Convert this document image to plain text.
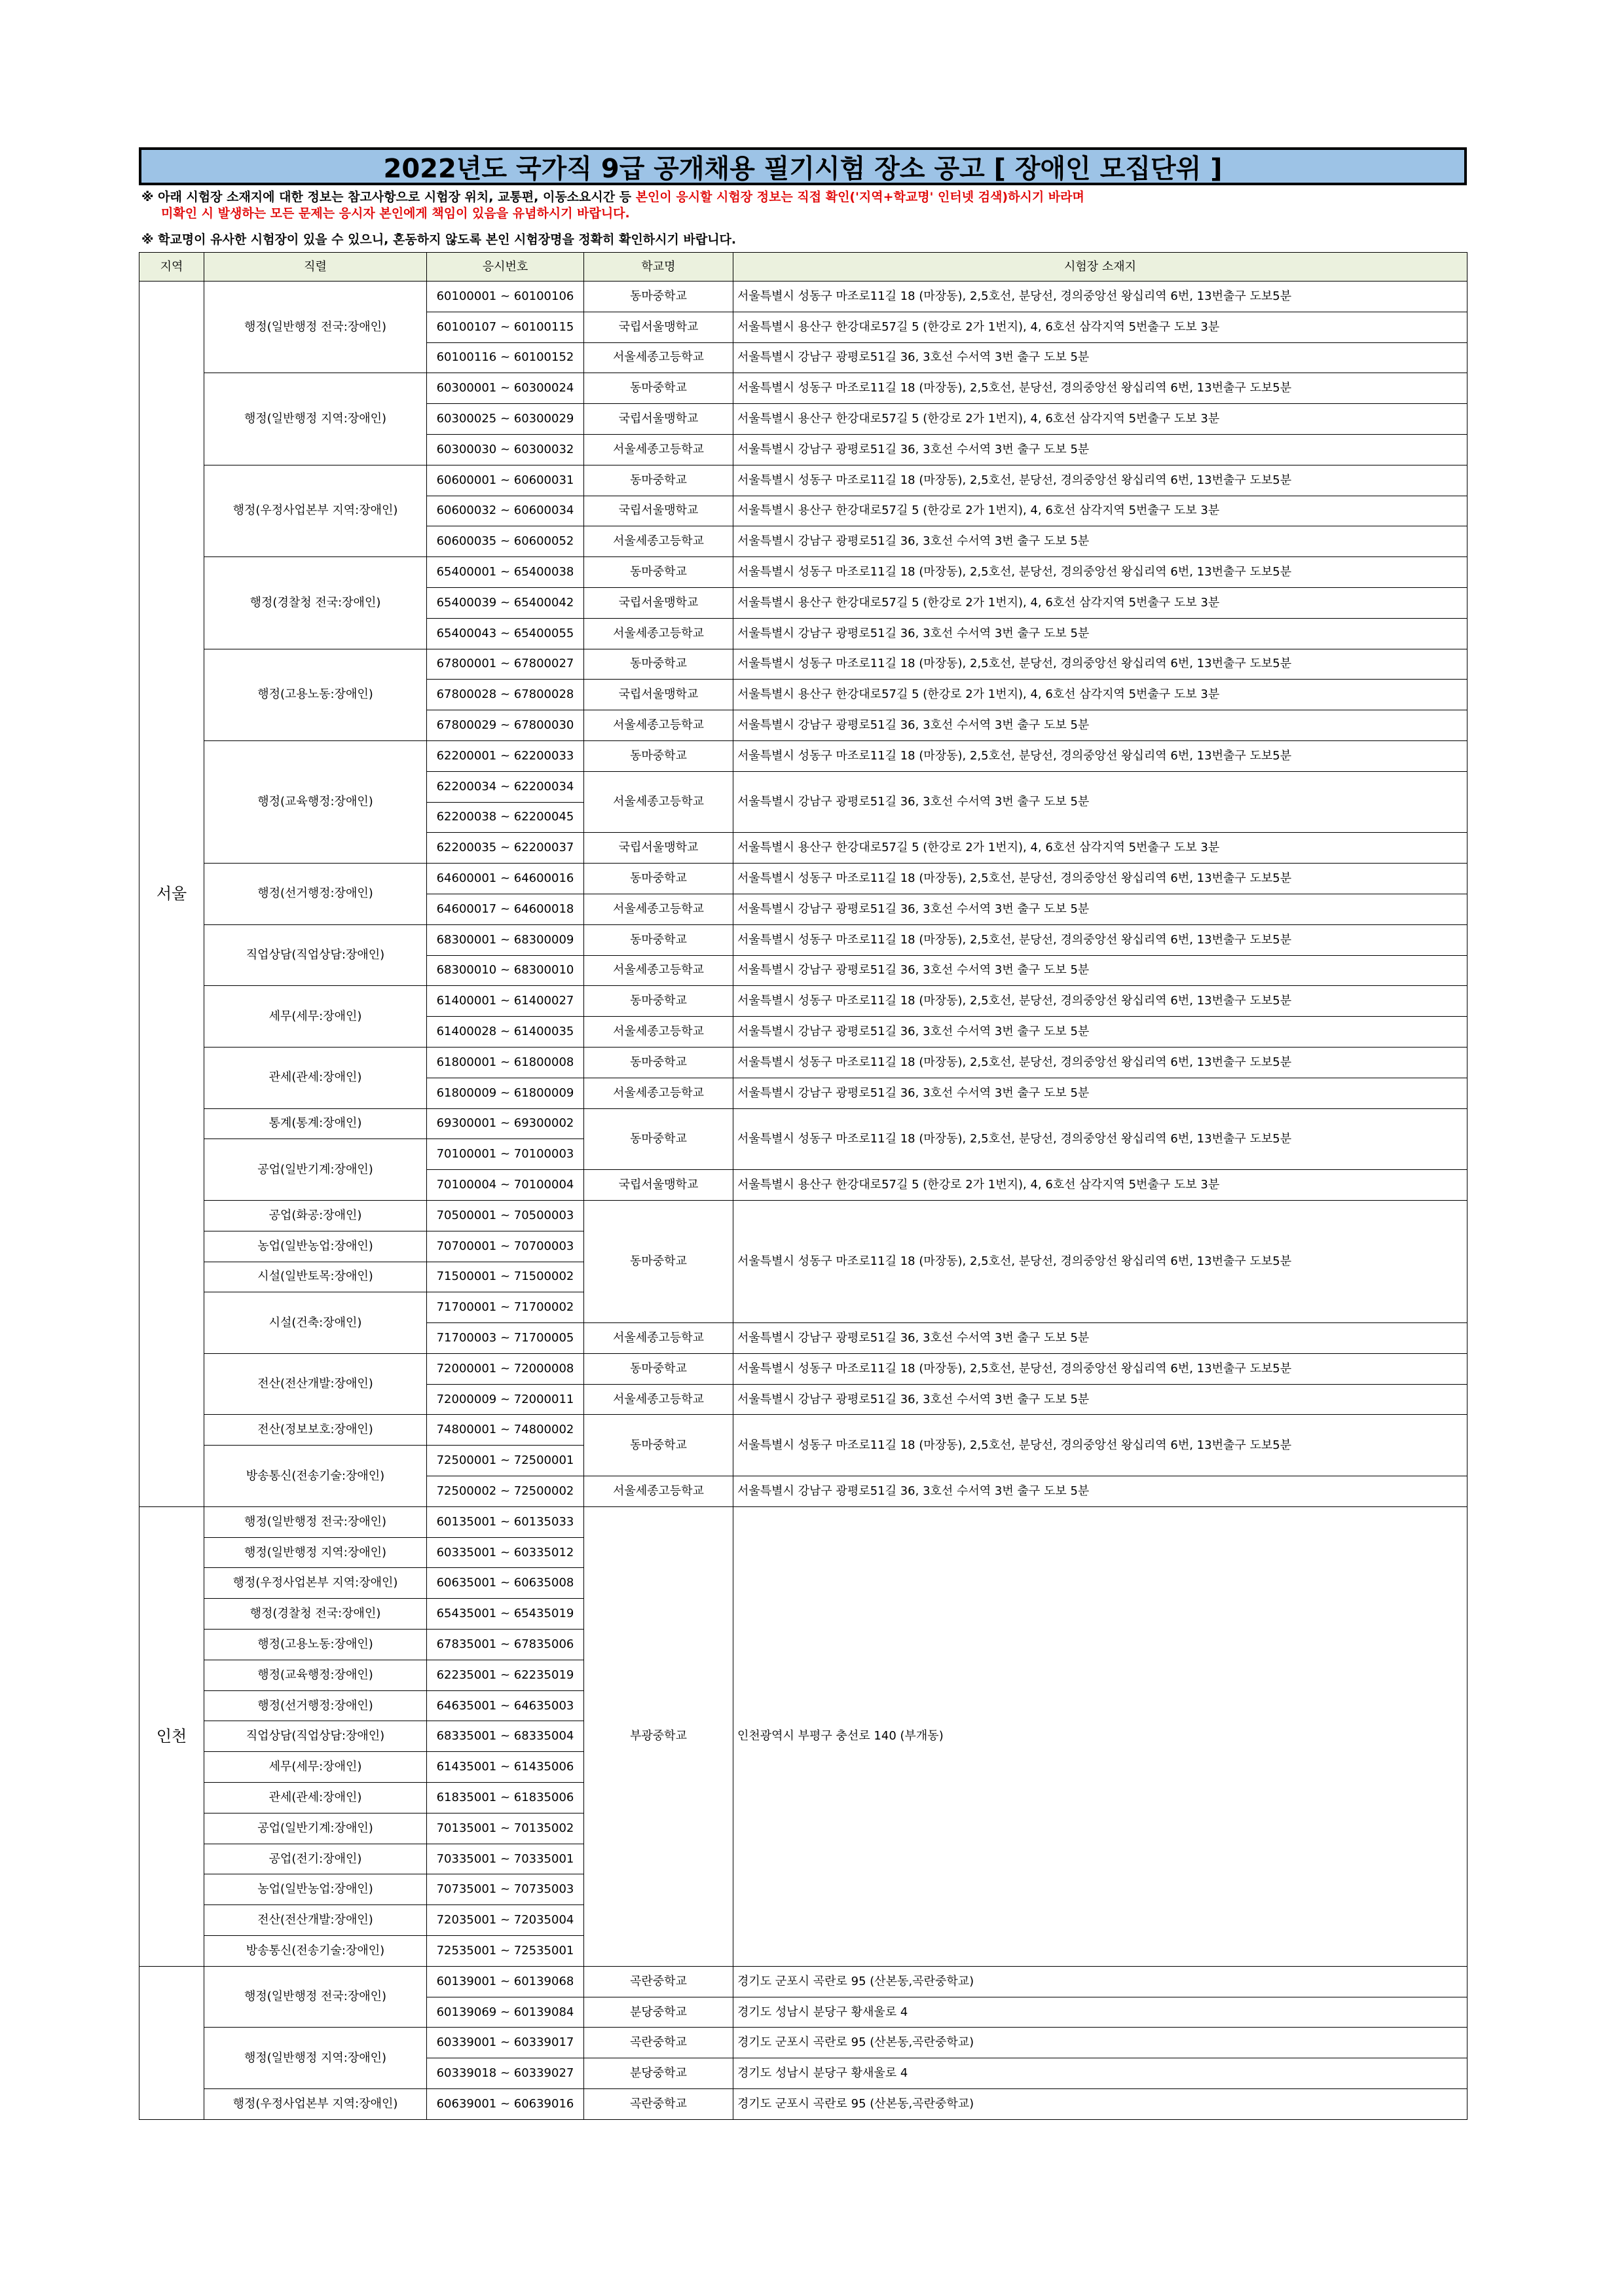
2022년도 국가직 9급 공개채용 필기시험 장소 공고 [ 장애인 모집단위 ]
※ 아래 시험장 소재지에 대한 정보는 참고사항으로 시험장 위치, 교통편, 이동소요시간 등 본인이 응시할 시험장 정보는 직접 확인('지역+학교명' 인터넷 검색)하시기 바라며
미확인 시 발생하는 모든 문제는 응시자 본인에게 책임이 있음을 유념하시기 바랍니다.
※ 학교명이 유사한 시험장이 있을 수 있으니, 혼동하지 않도록 본인 시험장명을 정확히 확인하시기 바랍니다.
지역	직렬	응시번호	학교명	시험장 소재지
서울	행정(일반행정 전국:장애인)	60100001 ~ 60100106	동마중학교	서울특별시 성동구 마조로11길 18 (마장동), 2,5호선, 분당선, 경의중앙선 왕십리역 6번, 13번출구 도보5분
		60100107 ~ 60100115	국립서울맹학교	서울특별시 용산구 한강대로57길 5 (한강로 2가 1번지), 4, 6호선 삼각지역 5번출구 도보 3분
		60100116 ~ 60100152	서울세종고등학교	서울특별시 강남구 광평로51길 36, 3호선 수서역 3번 출구 도보 5분
	행정(일반행정 지역:장애인)	60300001 ~ 60300024	동마중학교	서울특별시 성동구 마조로11길 18 (마장동), 2,5호선, 분당선, 경의중앙선 왕십리역 6번, 13번출구 도보5분
		60300025 ~ 60300029	국립서울맹학교	서울특별시 용산구 한강대로57길 5 (한강로 2가 1번지), 4, 6호선 삼각지역 5번출구 도보 3분
		60300030 ~ 60300032	서울세종고등학교	서울특별시 강남구 광평로51길 36, 3호선 수서역 3번 출구 도보 5분
	행정(우정사업본부 지역:장애인)	60600001 ~ 60600031	동마중학교	서울특별시 성동구 마조로11길 18 (마장동), 2,5호선, 분당선, 경의중앙선 왕십리역 6번, 13번출구 도보5분
		60600032 ~ 60600034	국립서울맹학교	서울특별시 용산구 한강대로57길 5 (한강로 2가 1번지), 4, 6호선 삼각지역 5번출구 도보 3분
		60600035 ~ 60600052	서울세종고등학교	서울특별시 강남구 광평로51길 36, 3호선 수서역 3번 출구 도보 5분
	행정(경찰청 전국:장애인)	65400001 ~ 65400038	동마중학교	서울특별시 성동구 마조로11길 18 (마장동), 2,5호선, 분당선, 경의중앙선 왕십리역 6번, 13번출구 도보5분
		65400039 ~ 65400042	국립서울맹학교	서울특별시 용산구 한강대로57길 5 (한강로 2가 1번지), 4, 6호선 삼각지역 5번출구 도보 3분
		65400043 ~ 65400055	서울세종고등학교	서울특별시 강남구 광평로51길 36, 3호선 수서역 3번 출구 도보 5분
	행정(고용노동:장애인)	67800001 ~ 67800027	동마중학교	서울특별시 성동구 마조로11길 18 (마장동), 2,5호선, 분당선, 경의중앙선 왕십리역 6번, 13번출구 도보5분
		67800028 ~ 67800028	국립서울맹학교	서울특별시 용산구 한강대로57길 5 (한강로 2가 1번지), 4, 6호선 삼각지역 5번출구 도보 3분
		67800029 ~ 67800030	서울세종고등학교	서울특별시 강남구 광평로51길 36, 3호선 수서역 3번 출구 도보 5분
	행정(교육행정:장애인)	62200001 ~ 62200033	동마중학교	서울특별시 성동구 마조로11길 18 (마장동), 2,5호선, 분당선, 경의중앙선 왕십리역 6번, 13번출구 도보5분
		62200034 ~ 62200034	서울세종고등학교	서울특별시 강남구 광평로51길 36, 3호선 수서역 3번 출구 도보 5분
		62200038 ~ 62200045		
		62200035 ~ 62200037	국립서울맹학교	서울특별시 용산구 한강대로57길 5 (한강로 2가 1번지), 4, 6호선 삼각지역 5번출구 도보 3분
	행정(선거행정:장애인)	64600001 ~ 64600016	동마중학교	서울특별시 성동구 마조로11길 18 (마장동), 2,5호선, 분당선, 경의중앙선 왕십리역 6번, 13번출구 도보5분
		64600017 ~ 64600018	서울세종고등학교	서울특별시 강남구 광평로51길 36, 3호선 수서역 3번 출구 도보 5분
	직업상담(직업상담:장애인)	68300001 ~ 68300009	동마중학교	서울특별시 성동구 마조로11길 18 (마장동), 2,5호선, 분당선, 경의중앙선 왕십리역 6번, 13번출구 도보5분
		68300010 ~ 68300010	서울세종고등학교	서울특별시 강남구 광평로51길 36, 3호선 수서역 3번 출구 도보 5분
	세무(세무:장애인)	61400001 ~ 61400027	동마중학교	서울특별시 성동구 마조로11길 18 (마장동), 2,5호선, 분당선, 경의중앙선 왕십리역 6번, 13번출구 도보5분
		61400028 ~ 61400035	서울세종고등학교	서울특별시 강남구 광평로51길 36, 3호선 수서역 3번 출구 도보 5분
	관세(관세:장애인)	61800001 ~ 61800008	동마중학교	서울특별시 성동구 마조로11길 18 (마장동), 2,5호선, 분당선, 경의중앙선 왕십리역 6번, 13번출구 도보5분
		61800009 ~ 61800009	서울세종고등학교	서울특별시 강남구 광평로51길 36, 3호선 수서역 3번 출구 도보 5분
	통계(통계:장애인)	69300001 ~ 69300002	동마중학교	서울특별시 성동구 마조로11길 18 (마장동), 2,5호선, 분당선, 경의중앙선 왕십리역 6번, 13번출구 도보5분
	공업(일반기계:장애인)	70100001 ~ 70100003		
		70100004 ~ 70100004	국립서울맹학교	서울특별시 용산구 한강대로57길 5 (한강로 2가 1번지), 4, 6호선 삼각지역 5번출구 도보 3분
	공업(화공:장애인)	70500001 ~ 70500003	동마중학교	서울특별시 성동구 마조로11길 18 (마장동), 2,5호선, 분당선, 경의중앙선 왕십리역 6번, 13번출구 도보5분
	농업(일반농업:장애인)	70700001 ~ 70700003		
	시설(일반토목:장애인)	71500001 ~ 71500002		
	시설(건축:장애인)	71700001 ~ 71700002		
		71700003 ~ 71700005	서울세종고등학교	서울특별시 강남구 광평로51길 36, 3호선 수서역 3번 출구 도보 5분
	전산(전산개발:장애인)	72000001 ~ 72000008	동마중학교	서울특별시 성동구 마조로11길 18 (마장동), 2,5호선, 분당선, 경의중앙선 왕십리역 6번, 13번출구 도보5분
		72000009 ~ 72000011	서울세종고등학교	서울특별시 강남구 광평로51길 36, 3호선 수서역 3번 출구 도보 5분
	전산(정보보호:장애인)	74800001 ~ 74800002	동마중학교	서울특별시 성동구 마조로11길 18 (마장동), 2,5호선, 분당선, 경의중앙선 왕십리역 6번, 13번출구 도보5분
	방송통신(전송기술:장애인)	72500001 ~ 72500001		
		72500002 ~ 72500002	서울세종고등학교	서울특별시 강남구 광평로51길 36, 3호선 수서역 3번 출구 도보 5분
인천	행정(일반행정 전국:장애인)	60135001 ~ 60135033	부광중학교	인천광역시 부평구 충선로 140 (부개동)
	행정(일반행정 지역:장애인)	60335001 ~ 60335012		
	행정(우정사업본부 지역:장애인)	60635001 ~ 60635008		
	행정(경찰청 전국:장애인)	65435001 ~ 65435019		
	행정(고용노동:장애인)	67835001 ~ 67835006		
	행정(교육행정:장애인)	62235001 ~ 62235019		
	행정(선거행정:장애인)	64635001 ~ 64635003		
	직업상담(직업상담:장애인)	68335001 ~ 68335004		
	세무(세무:장애인)	61435001 ~ 61435006		
	관세(관세:장애인)	61835001 ~ 61835006		
	공업(일반기계:장애인)	70135001 ~ 70135002		
	공업(전기:장애인)	70335001 ~ 70335001		
	농업(일반농업:장애인)	70735001 ~ 70735003		
	전산(전산개발:장애인)	72035001 ~ 72035004		
	방송통신(전송기술:장애인)	72535001 ~ 72535001		
	행정(일반행정 전국:장애인)	60139001 ~ 60139068	곡란중학교	경기도 군포시 곡란로 95 (산본동,곡란중학교)
		60139069 ~ 60139084	분당중학교	경기도 성남시 분당구 황새울로 4
	행정(일반행정 지역:장애인)	60339001 ~ 60339017	곡란중학교	경기도 군포시 곡란로 95 (산본동,곡란중학교)
		60339018 ~ 60339027	분당중학교	경기도 성남시 분당구 황새울로 4
	행정(우정사업본부 지역:장애인)	60639001 ~ 60639016	곡란중학교	경기도 군포시 곡란로 95 (산본동,곡란중학교)
